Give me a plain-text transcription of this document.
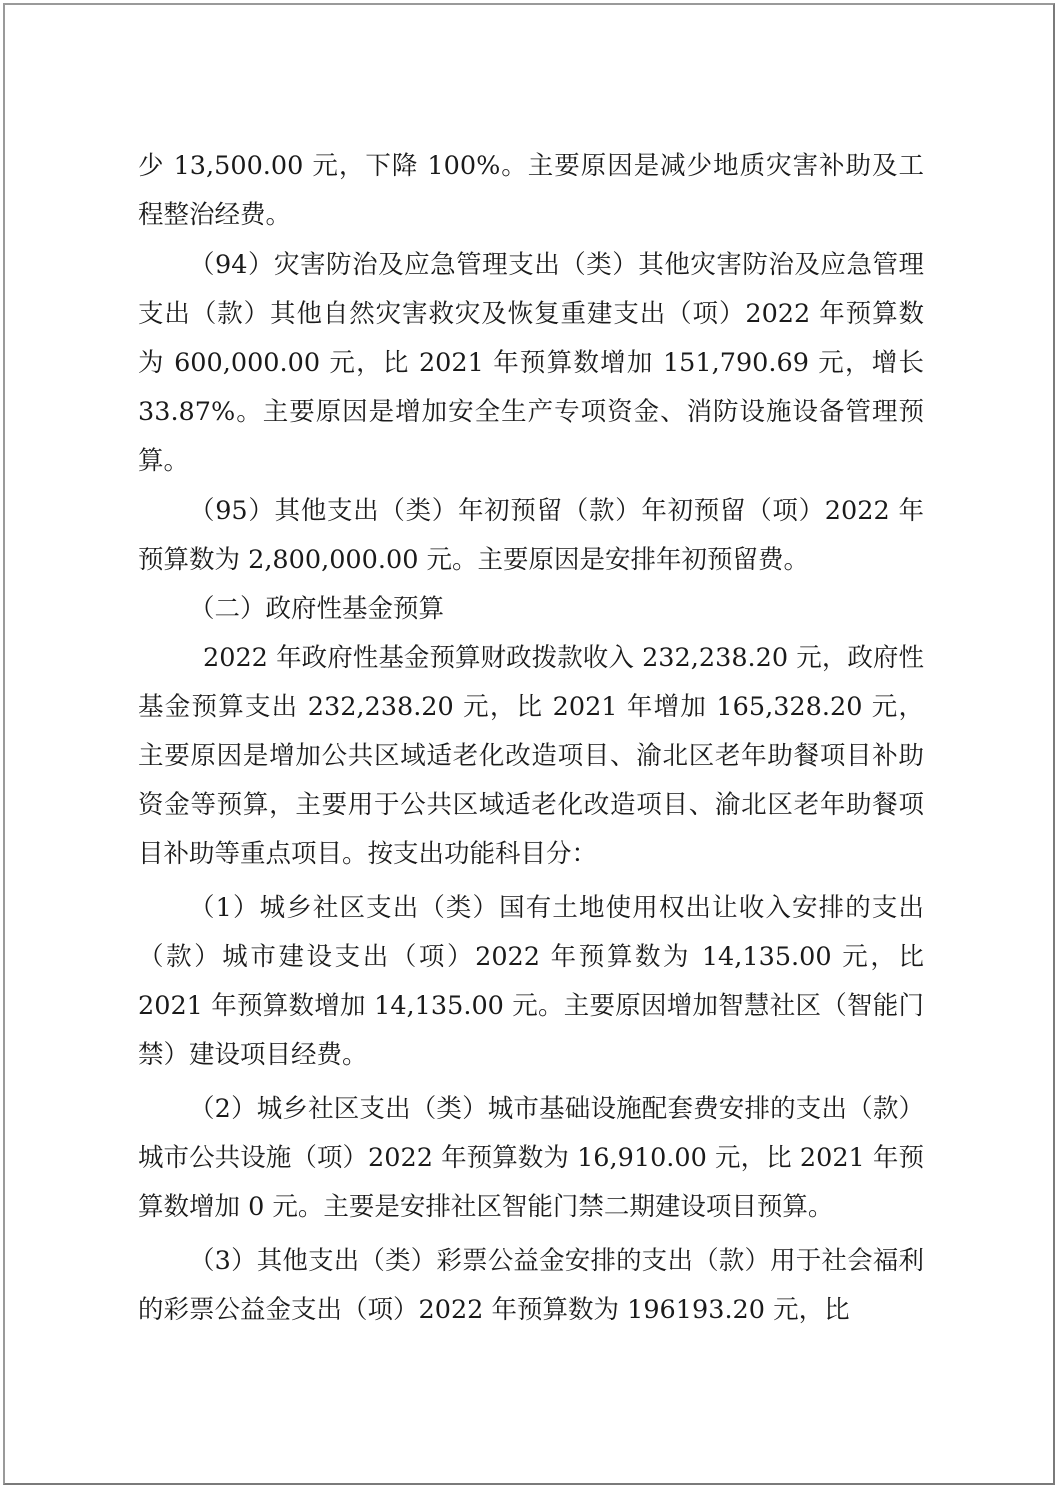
少 13,500.00 元，下降 100%。主要原因是减少地质灾害补助及工程整治经费。

（94）灾害防治及应急管理支出（类）其他灾害防治及应急管理支出（款）其他自然灾害救灾及恢复重建支出（项）2022 年预算数为 600,000.00 元，比 2021 年预算数增加 151,790.69 元，增长 33.87%。主要原因是增加安全生产专项资金、消防设施设备管理预算。

（95）其他支出（类）年初预留（款）年初预留（项）2022 年预算数为 2,800,000.00 元。主要原因是安排年初预留费。

（二）政府性基金预算

2022 年政府性基金预算财政拨款收入 232,238.20 元，政府性基金预算支出 232,238.20 元，比 2021 年增加 165,328.20 元，主要原因是增加公共区域适老化改造项目、渝北区老年助餐项目补助资金等预算，主要用于公共区域适老化改造项目、渝北区老年助餐项目补助等重点项目。按支出功能科目分：

（1）城乡社区支出（类）国有土地使用权出让收入安排的支出（款）城市建设支出（项）2022 年预算数为 14,135.00 元，比 2021 年预算数增加 14,135.00 元。主要原因增加智慧社区（智能门禁）建设项目经费。

（2）城乡社区支出（类）城市基础设施配套费安排的支出（款）城市公共设施（项）2022 年预算数为 16,910.00 元，比 2021 年预算数增加 0 元。主要是安排社区智能门禁二期建设项目预算。

（3）其他支出（类）彩票公益金安排的支出（款）用于社会福利的彩票公益金支出（项）2022 年预算数为 196193.20 元，比
